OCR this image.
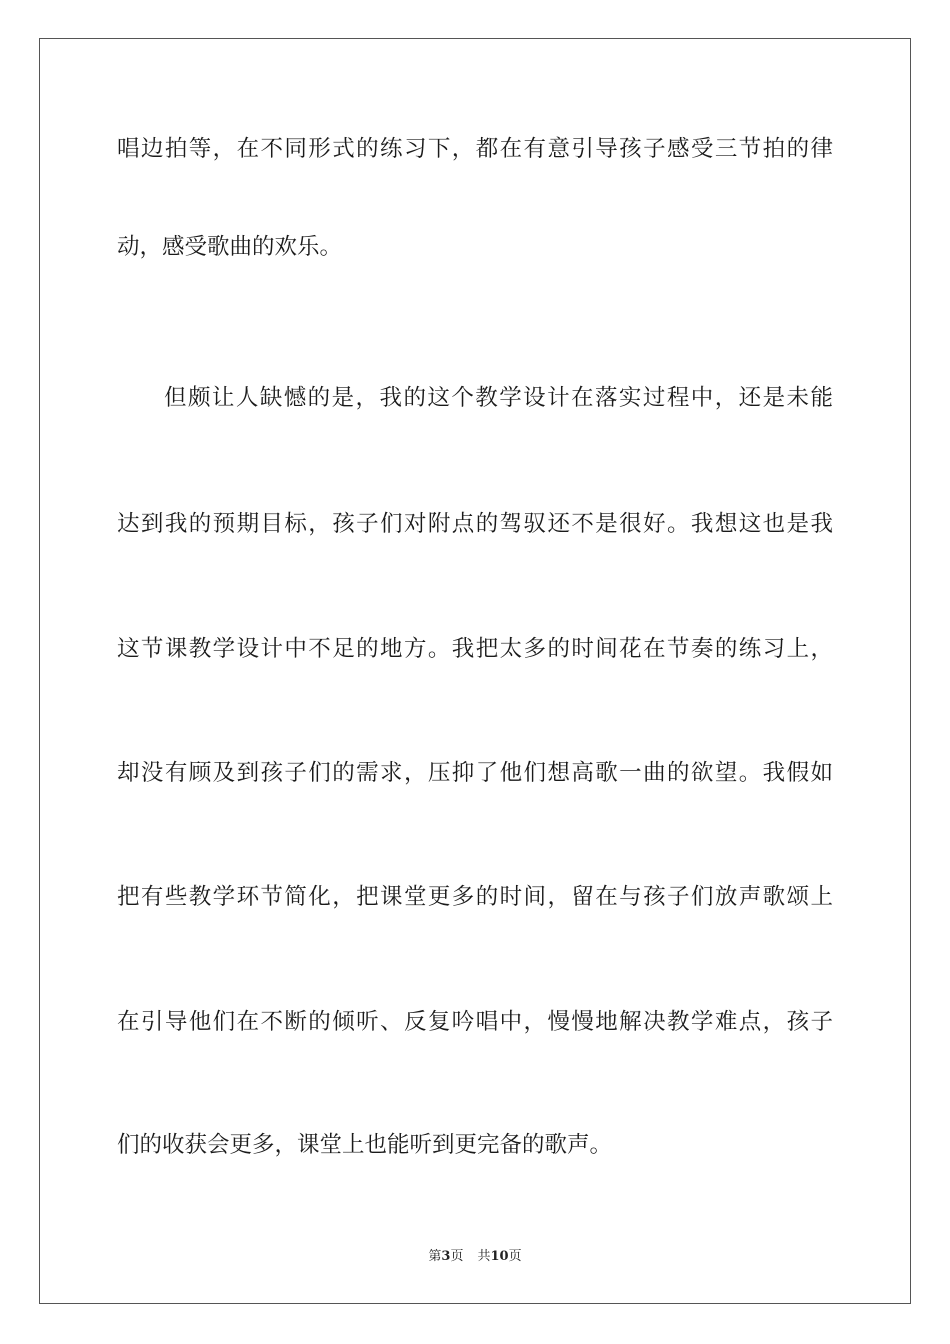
唱边拍等，在不同形式的练习下，都在有意引导孩子感受三节拍的律
动，感受歌曲的欢乐。
但颇让人缺憾的是，我的这个教学设计在落实过程中，还是未能
达到我的预期目标，孩子们对附点的驾驭还不是很好。我想这也是我
这节课教学设计中不足的地方。我把太多的时间花在节奏的练习上，
却没有顾及到孩子们的需求，压抑了他们想高歌一曲的欲望。我假如
把有些教学环节简化，把课堂更多的时间，留在与孩子们放声歌颂上
在引导他们在不断的倾听、反复吟唱中，慢慢地解决教学难点，孩子
们的收获会更多，课堂上也能听到更完备的歌声。
第3页 共10页
